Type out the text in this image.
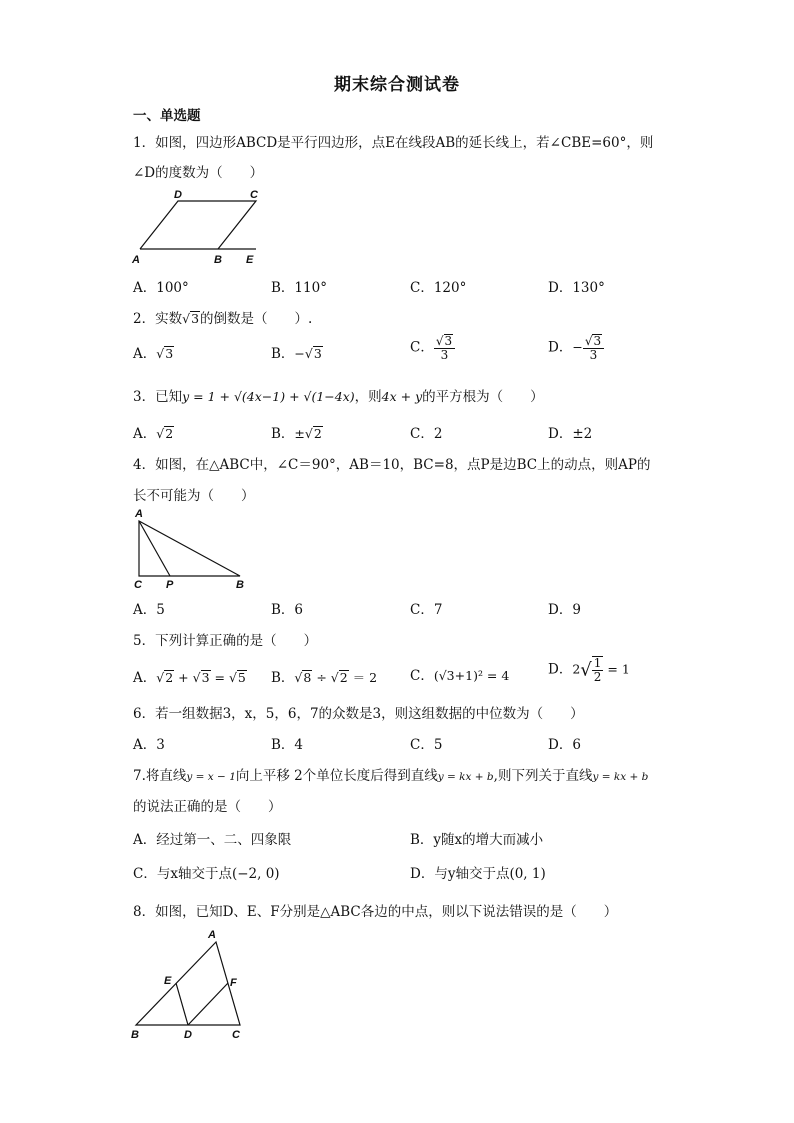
期末综合测试卷
一、单选题
1．如图，四边形ABCD是平行四边形，点E在线段AB的延长线上，若∠CBE=60°，则
∠D的度数为（　　）
A	B
C
D
E
A．100°	B．110°	C．120°	D．130°
2．实数√3的倒数是（　　）.
A．√3	B．−√3	C． $\frac{√3}{3}$	D．− $\frac{√3}{3}$
3．已知y = 1 + √(4x−1) + √(1−4x)，则4x + y的平方根为（　　）
A．√2	B．±√2	C．2	D．±2
4．如图，在△ABC中，∠C＝90°，AB＝10，BC=8，点P是边BC上的动点，则AP的
长不可能为（　　）
A
C P	B
A．5	B．6	C．7	D．9
5．下列计算正确的是（　　）
A．√2 + √3 = √5 B．√8 ÷ √2 ＝ 2 C．(√3+1)² = 4	D．$2√ \frac{1}{2} = 1$
6．若一组数据3，x，5，6，7的众数是3，则这组数据的中位数为（　　）
A．3	B．4	C．5	D．6
7.将直线y = x − 1向上平移 2个单位长度后得到直线y = kx + b,则下列关于直线y = kx + b
的说法正确的是（　　）
A．经过第一、二、四象限	B．y随x的增大而减小
C．与x轴交于点(−2, 0)	D．与y轴交于点(0, 1)
8．如图，已知D、E、F分别是△ABC各边的中点，则以下说法错误的是（　　）
A
E	F
B	D	C
